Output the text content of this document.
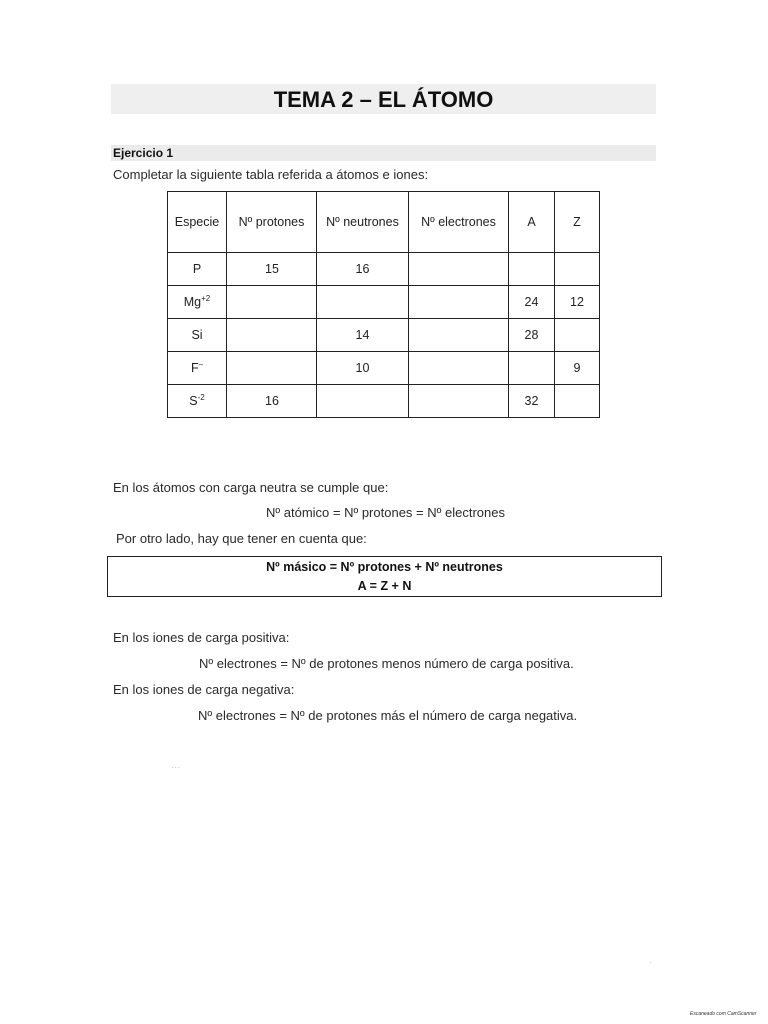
TEMA 2 – EL ÁTOMO
Ejercicio 1
Completar la siguiente tabla referida a átomos e iones:
Especie	Nº protones	Nº neutrones	Nº electrones	A	Z
P	15	16			
$Mg^{+2}$				24	12
Si		14		28	
F–		10			9
$S^{-2}$	16			32	
En los átomos con carga neutra se cumple que:
Nº atómico = Nº protones = Nº electrones
Por otro lado, hay que tener en cuenta que:
Nº másico = Nº protones + Nº neutrones
A = Z + N
En los iones de carga positiva:
Nº electrones = Nº de protones menos número de carga positiva.
En los iones de carga negativa:
Nº electrones = Nº de protones más el número de carga negativa.
· · ·
·
Escaneado com CamScanner
